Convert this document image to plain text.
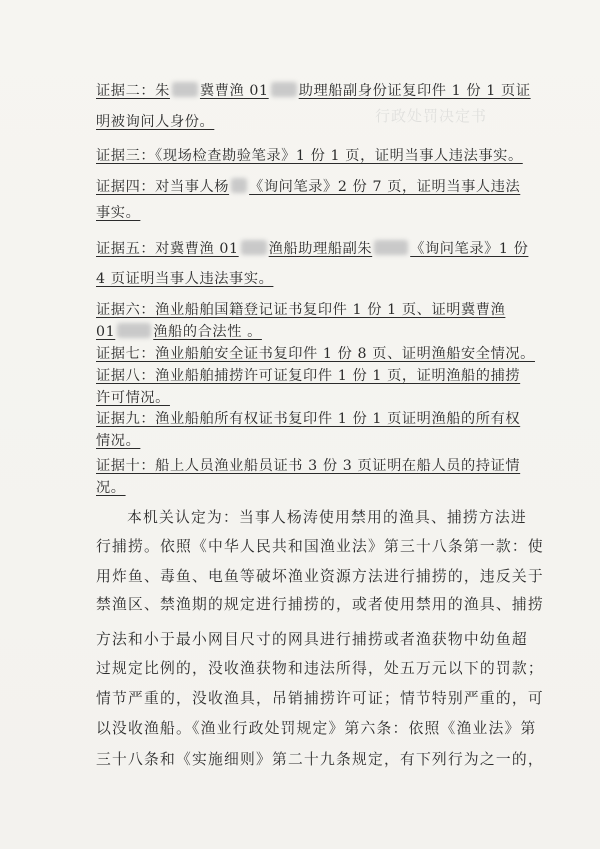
行政处罚决定书
证据二：朱 冀曹渔 01 助理船副身份证复印件 1 份 1 页证
明被询问人身份。
证据三：《现场检查勘验笔录》1 份 1 页，证明当事人违法事实。
证据四：对当事人杨 《询问笔录》2 份 7 页，证明当事人违法
事实。
证据五：对冀曹渔 01 渔船助理船副朱	《询问笔录》1 份
4 页证明当事人违法事实。
证据六：渔业船舶国籍登记证书复印件 1 份 1 页、证明冀曹渔
01	渔船的合法性 。
证据七：渔业船舶安全证书复印件 1 份 8 页、证明渔船安全情况。
证据八：渔业船舶捕捞许可证复印件 1 份 1 页，证明渔船的捕捞
许可情况。
证据九：渔业船舶所有权证书复印件 1 份 1 页证明渔船的所有权
情况。
证据十：船上人员渔业船员证书 3 份 3 页证明在船人员的持证情
况。
本机关认定为：当事人杨涛使用禁用的渔具、捕捞方法进
行捕捞。依照《中华人民共和国渔业法》第三十八条第一款：使
用炸鱼、毒鱼、电鱼等破坏渔业资源方法进行捕捞的，违反关于
禁渔区、禁渔期的规定进行捕捞的，或者使用禁用的渔具、捕捞
方法和小于最小网目尺寸的网具进行捕捞或者渔获物中幼鱼超
过规定比例的，没收渔获物和违法所得，处五万元以下的罚款；
情节严重的，没收渔具，吊销捕捞许可证；情节特别严重的，可
以没收渔船。《渔业行政处罚规定》第六条：依照《渔业法》第
三十八条和《实施细则》第二十九条规定，有下列行为之一的，
